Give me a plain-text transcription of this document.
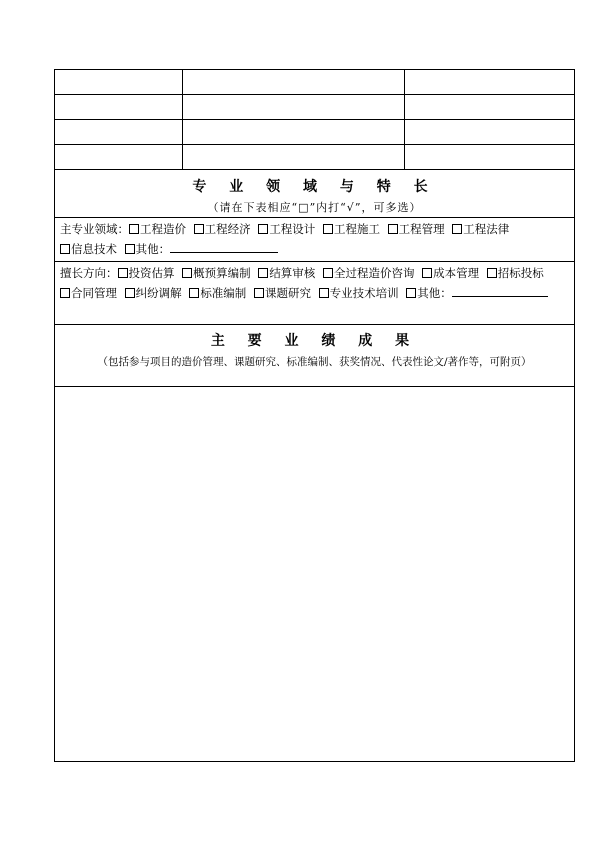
专 业 领 域 与 特 长
（请在下表相应“□”内打“√”，可多选）
主专业领域： 工程造价 工程经济 工程设计 工程施工 工程管理 工程法律 信息技术 其他：
擅长方向： 投资估算 概预算编制 结算审核 全过程造价咨询 成本管理 招标投标 合同管理 纠纷调解 标准编制 课题研究 专业技术培训 其他：
主 要 业 绩 成 果
（包括参与项目的造价管理、课题研究、标准编制、获奖情况、代表性论文/著作等，可附页）
